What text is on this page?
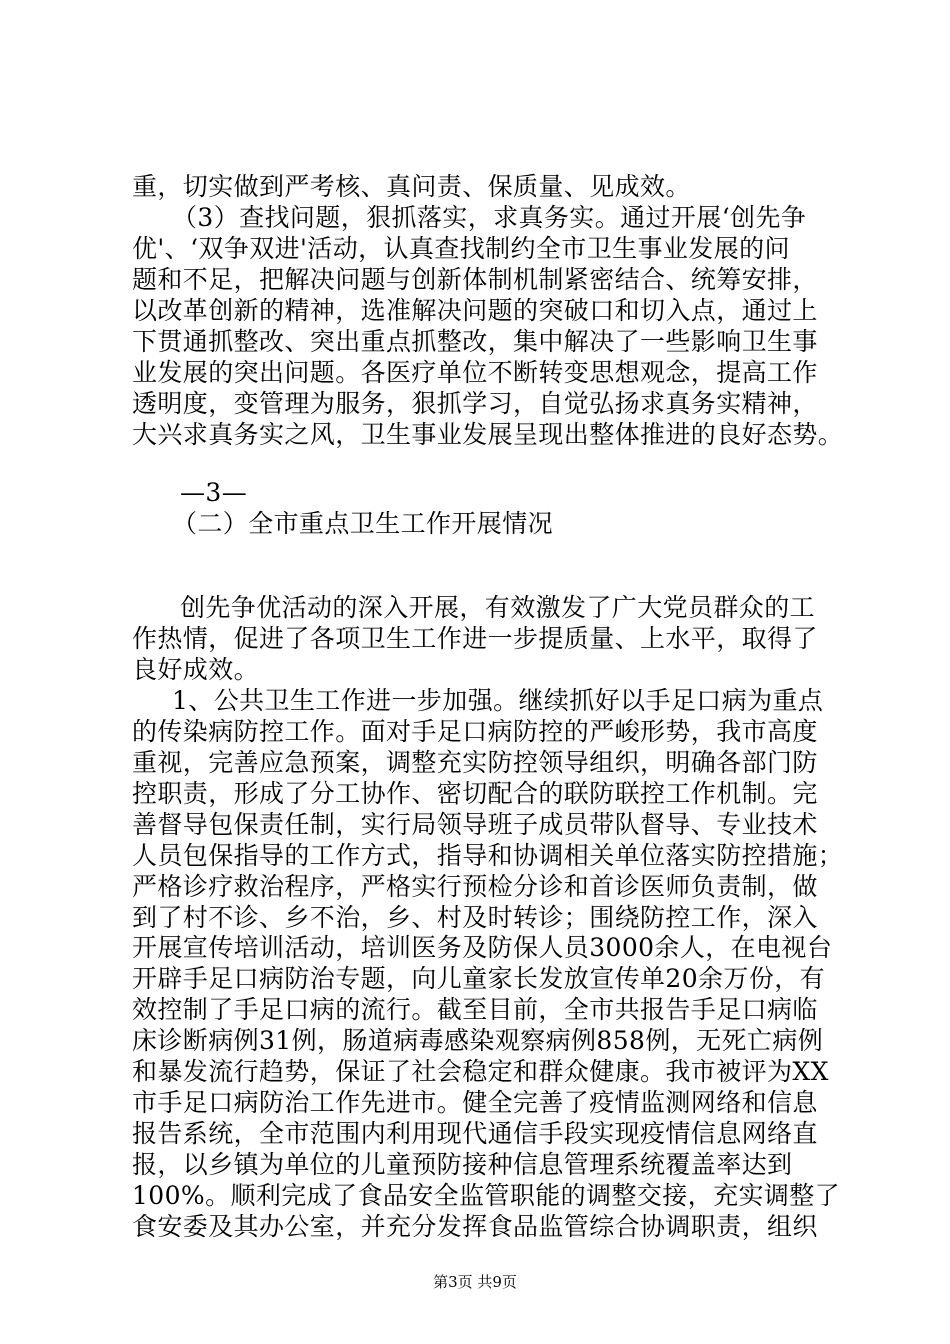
重，切实做到严考核、真问责、保质量、见成效。
（3）查找问题，狠抓落实，求真务实。通过开展‘创先争
优'、‘双争双进'活动，认真查找制约全市卫生事业发展的问
题和不足，把解决问题与创新体制机制紧密结合、统筹安排，
以改革创新的精神，选准解决问题的突破口和切入点，通过上
下贯通抓整改、突出重点抓整改，集中解决了一些影响卫生事
业发展的突出问题。各医疗单位不断转变思想观念，提高工作
透明度，变管理为服务，狠抓学习，自觉弘扬求真务实精神，
大兴求真务实之风，卫生事业发展呈现出整体推进的良好态势。
—3—
（二）全市重点卫生工作开展情况
创先争优活动的深入开展，有效激发了广大党员群众的工
作热情，促进了各项卫生工作进一步提质量、上水平，取得了
良好成效。
1、公共卫生工作进一步加强。继续抓好以手足口病为重点
的传染病防控工作。面对手足口病防控的严峻形势，我市高度
重视，完善应急预案，调整充实防控领导组织，明确各部门防
控职责，形成了分工协作、密切配合的联防联控工作机制。完
善督导包保责任制，实行局领导班子成员带队督导、专业技术
人员包保指导的工作方式，指导和协调相关单位落实防控措施；
严格诊疗救治程序，严格实行预检分诊和首诊医师负责制，做
到了村不诊、乡不治，乡、村及时转诊；围绕防控工作，深入
开展宣传培训活动，培训医务及防保人员3000余人，在电视台
开辟手足口病防治专题，向儿童家长发放宣传单20余万份，有
效控制了手足口病的流行。截至目前，全市共报告手足口病临
床诊断病例31例，肠道病毒感染观察病例858例，无死亡病例
和暴发流行趋势，保证了社会稳定和群众健康。我市被评为XX
市手足口病防治工作先进市。健全完善了疫情监测网络和信息
报告系统，全市范围内利用现代通信手段实现疫情信息网络直
报，以乡镇为单位的儿童预防接种信息管理系统覆盖率达到
100%。顺利完成了食品安全监管职能的调整交接，充实调整了
食安委及其办公室，并充分发挥食品监管综合协调职责，组织
第3页 共9页
